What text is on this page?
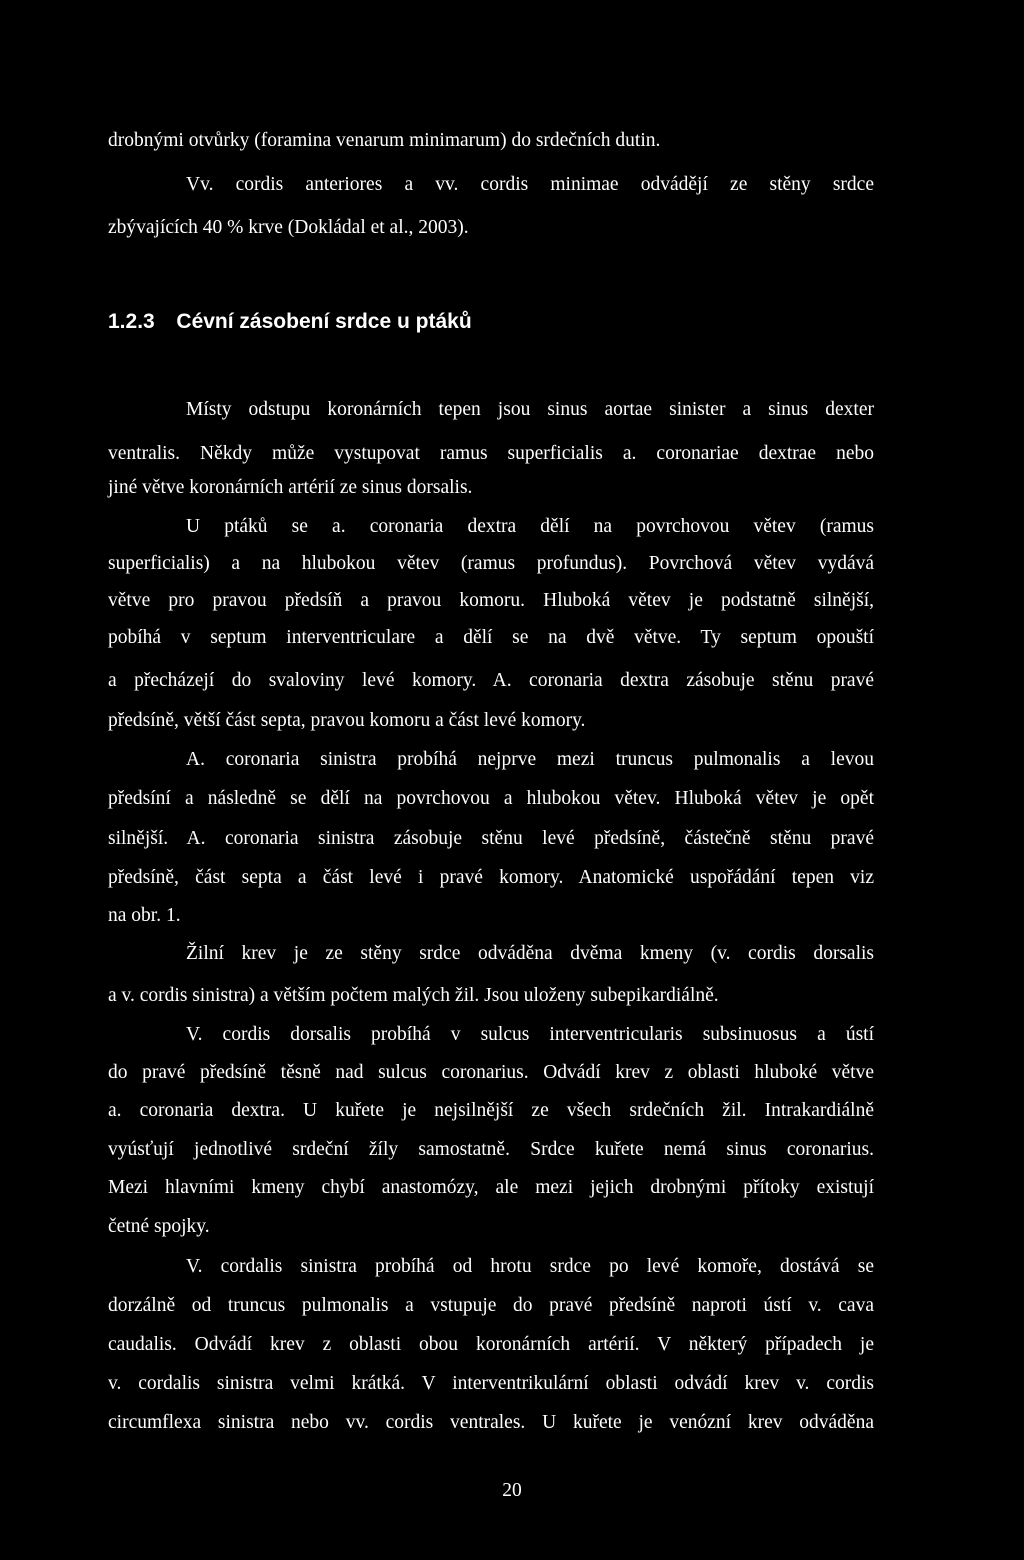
drobnými otvůrky (foramina venarum minimarum) do srdečních dutin.
Vv. cordis anteriores a vv. cordis minimae odvádějí ze stěny srdce
zbývajících 40 % krve (Dokládal et al., 2003).
1.2.3 Cévní zásobení srdce u ptáků
Místy odstupu koronárních tepen jsou sinus aortae sinister a sinus dexter
ventralis. Někdy může vystupovat ramus superficialis a. coronariae dextrae nebo
jiné větve koronárních artérií ze sinus dorsalis.
U ptáků se a. coronaria dextra dělí na povrchovou větev (ramus
superficialis) a na hlubokou větev (ramus profundus). Povrchová větev vydává
větve pro pravou předsíň a pravou komoru. Hluboká větev je podstatně silnější,
pobíhá v septum interventriculare a dělí se na dvě větve. Ty septum opouští
a přecházejí do svaloviny levé komory. A. coronaria dextra zásobuje stěnu pravé
předsíně, větší část septa, pravou komoru a část levé komory.
A. coronaria sinistra probíhá nejprve mezi truncus pulmonalis a levou
předsíní a následně se dělí na povrchovou a hlubokou větev. Hluboká větev je opět
silnější. A. coronaria sinistra zásobuje stěnu levé předsíně, částečně stěnu pravé
předsíně, část septa a část levé i pravé komory. Anatomické uspořádání tepen viz
na obr. 1.
Žilní krev je ze stěny srdce odváděna dvěma kmeny (v. cordis dorsalis
a v. cordis sinistra) a větším počtem malých žil. Jsou uloženy subepikardiálně.
V. cordis dorsalis probíhá v sulcus interventricularis subsinuosus a ústí
do pravé předsíně těsně nad sulcus coronarius. Odvádí krev z oblasti hluboké větve
a. coronaria dextra. U kuřete je nejsilnější ze všech srdečních žil. Intrakardiálně
vyúsťují jednotlivé srdeční žíly samostatně. Srdce kuřete nemá sinus coronarius.
Mezi hlavními kmeny chybí anastomózy, ale mezi jejich drobnými přítoky existují
četné spojky.
V. cordalis sinistra probíhá od hrotu srdce po levé komoře, dostává se
dorzálně od truncus pulmonalis a vstupuje do pravé předsíně naproti ústí v. cava
caudalis. Odvádí krev z oblasti obou koronárních artérií. V některý případech je
v. cordalis sinistra velmi krátká. V interventrikulární oblasti odvádí krev v. cordis
circumflexa sinistra nebo vv. cordis ventrales. U kuřete je venózní krev odváděna
20
